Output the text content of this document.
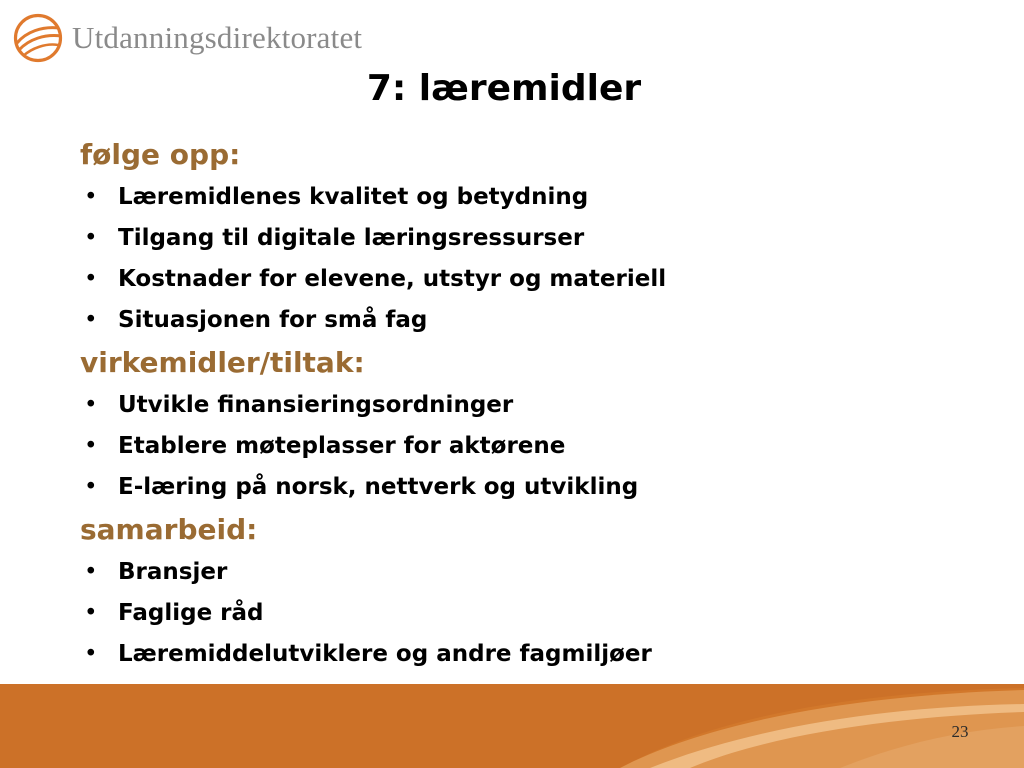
Utdanningsdirektoratet
7: læremidler
følge opp:
• Læremidlenes kvalitet og betydning
• Tilgang til digitale læringsressurser
• Kostnader for elevene, utstyr og materiell
• Situasjonen for små fag
virkemidler/tiltak:
• Utvikle finansieringsordninger
• Etablere møteplasser for aktørene
• E-læring på norsk, nettverk og utvikling
samarbeid:
• Bransjer
• Faglige råd
• Læremiddelutviklere og andre fagmiljøer
23
